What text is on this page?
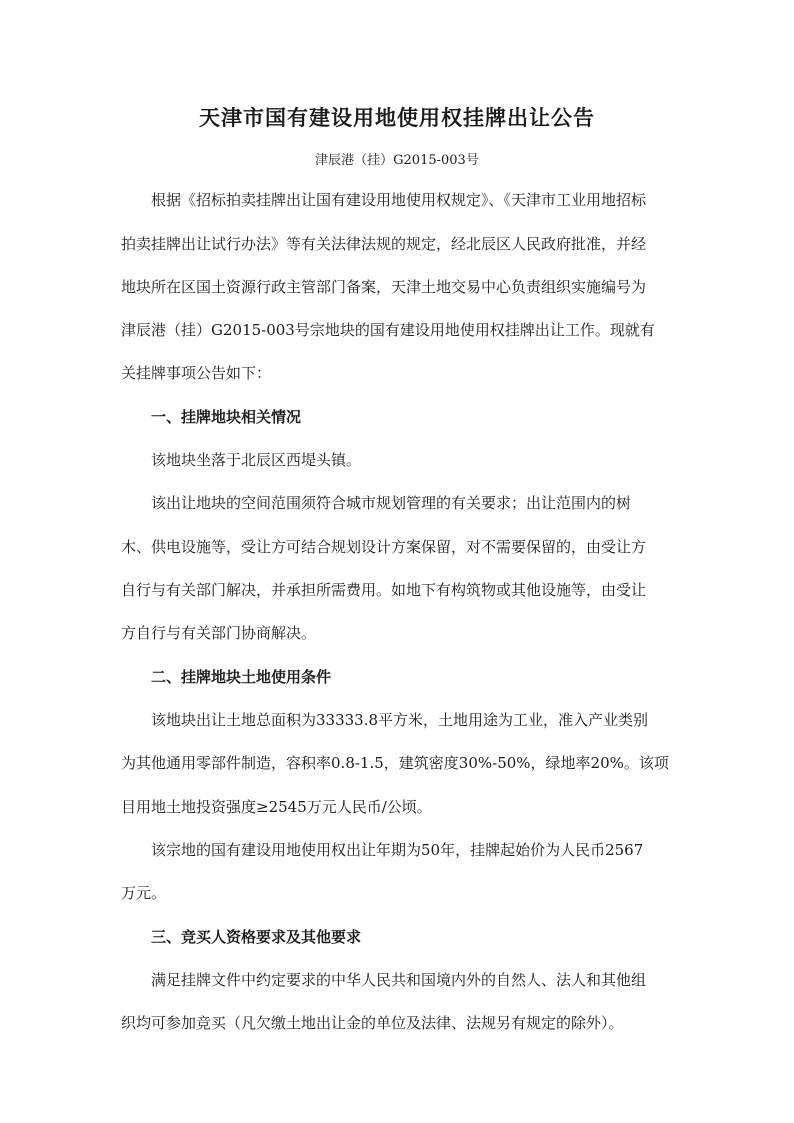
天津市国有建设用地使用权挂牌出让公告
津辰港（挂）G2015-003号
根据《招标拍卖挂牌出让国有建设用地使用权规定》、《天津市工业用地招标
拍卖挂牌出让试行办法》等有关法律法规的规定，经北辰区人民政府批准，并经
地块所在区国土资源行政主管部门备案，天津土地交易中心负责组织实施编号为
津辰港（挂）G2015-003号宗地块的国有建设用地使用权挂牌出让工作。现就有
关挂牌事项公告如下：
一、挂牌地块相关情况
该地块坐落于北辰区西堤头镇。
该出让地块的空间范围须符合城市规划管理的有关要求；出让范围内的树
木、供电设施等，受让方可结合规划设计方案保留，对不需要保留的，由受让方
自行与有关部门解决，并承担所需费用。如地下有构筑物或其他设施等，由受让
方自行与有关部门协商解决。
二、挂牌地块土地使用条件
该地块出让土地总面积为33333.8平方米，土地用途为工业，准入产业类别
为其他通用零部件制造，容积率0.8-1.5，建筑密度30%-50%，绿地率20%。该项
目用地土地投资强度≥2545万元人民币/公顷。
该宗地的国有建设用地使用权出让年期为50年，挂牌起始价为人民币2567
万元。
三、竞买人资格要求及其他要求
满足挂牌文件中约定要求的中华人民共和国境内外的自然人、法人和其他组
织均可参加竞买（凡欠缴土地出让金的单位及法律、法规另有规定的除外）。
